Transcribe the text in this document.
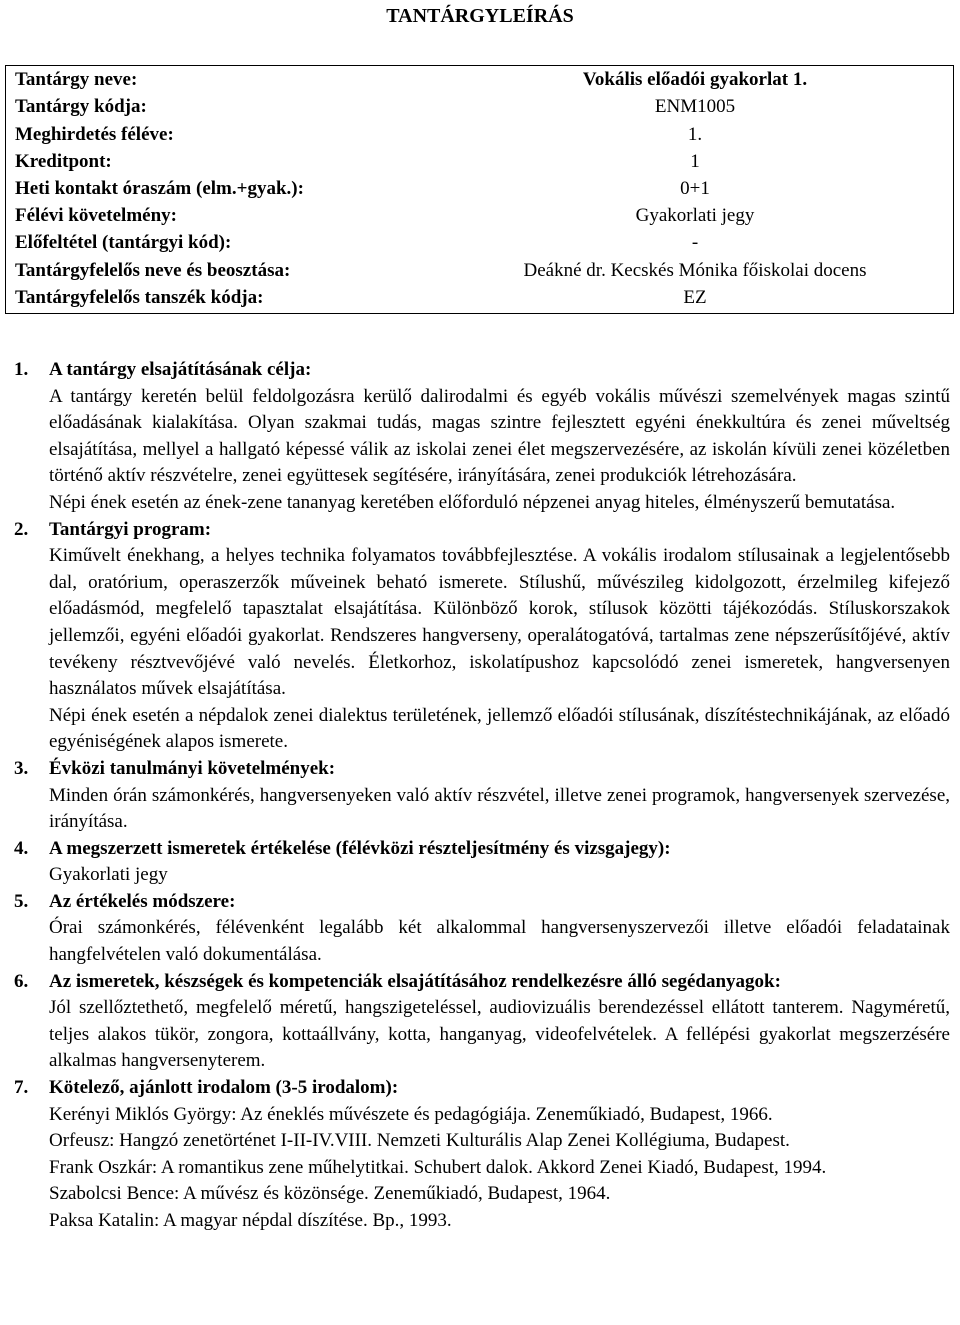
TANTÁRGYLEÍRÁS
Tantárgy neve:	Vokális előadói gyakorlat 1.
Tantárgy kódja:	ENM1005
Meghirdetés féléve:	1.
Kreditpont:	1
Heti kontakt óraszám (elm.+gyak.):	0+1
Félévi követelmény:	Gyakorlati jegy
Előfeltétel (tantárgyi kód):	-
Tantárgyfelelős neve és beosztása:	Deákné dr. Kecskés Mónika főiskolai docens
Tantárgyfelelős tanszék kódja:	EZ
1. A tantárgy elsajátításának célja:

A tantárgy keretén belül feldolgozásra kerülő dalirodalmi és egyéb vokális művészi szemelvények magas szintű előadásának kialakítása. Olyan szakmai tudás, magas szintre fejlesztett egyéni énekkultúra és zenei műveltség elsajátítása, mellyel a hallgató képessé válik az iskolai zenei élet megszervezésére, az iskolán kívüli zenei közéletben történő aktív részvételre, zenei együttesek segítésére, irányítására, zenei produkciók létrehozására.

Népi ének esetén az ének-zene tananyag keretében előforduló népzenei anyag hiteles, élményszerű bemutatása.

2. Tantárgyi program:

Kiművelt énekhang, a helyes technika folyamatos továbbfejlesztése. A vokális irodalom stílusainak a legjelentősebb dal, oratórium, operaszerzők műveinek beható ismerete. Stílushű, művészileg kidolgozott, érzelmileg kifejező előadásmód, megfelelő tapasztalat elsajátítása. Különböző korok, stílusok közötti tájékozódás. Stíluskorszakok jellemzői, egyéni előadói gyakorlat. Rendszeres hangverseny, operalátogatóvá, tartalmas zene népszerűsítőjévé, aktív tevékeny résztvevőjévé való nevelés. Életkorhoz, iskolatípushoz kapcsolódó zenei ismeretek, hangversenyen használatos művek elsajátítása.

Népi ének esetén a népdalok zenei dialektus területének, jellemző előadói stílusának, díszítéstechnikájának, az előadó egyéniségének alapos ismerete.

3. Évközi tanulmányi követelmények:

Minden órán számonkérés, hangversenyeken való aktív részvétel, illetve zenei programok, hangversenyek szervezése, irányítása.

4. A megszerzett ismeretek értékelése (félévközi részteljesítmény és vizsgajegy):

Gyakorlati jegy

5. Az értékelés módszere:

Órai számonkérés, félévenként legalább két alkalommal hangversenyszervezői illetve előadói feladatainak hangfelvételen való dokumentálása.

6. Az ismeretek, készségek és kompetenciák elsajátításához rendelkezésre álló segédanyagok:

Jól szellőztethető, megfelelő méretű, hangszigeteléssel, audiovizuális berendezéssel ellátott tanterem. Nagyméretű, teljes alakos tükör, zongora, kottaállvány, kotta, hanganyag, videofelvételek. A fellépési gyakorlat megszerzésére alkalmas hangversenyterem.

7. Kötelező, ajánlott irodalom (3-5 irodalom):

Kerényi Miklós György: Az éneklés művészete és pedagógiája. Zeneműkiadó, Budapest, 1966.

Orfeusz: Hangzó zenetörténet I-II-IV.VIII. Nemzeti Kulturális Alap Zenei Kollégiuma, Budapest.

Frank Oszkár: A romantikus zene műhelytitkai. Schubert dalok. Akkord Zenei Kiadó, Budapest, 1994.

Szabolcsi Bence: A művész és közönsége. Zeneműkiadó, Budapest, 1964.

Paksa Katalin: A magyar népdal díszítése. Bp., 1993.
